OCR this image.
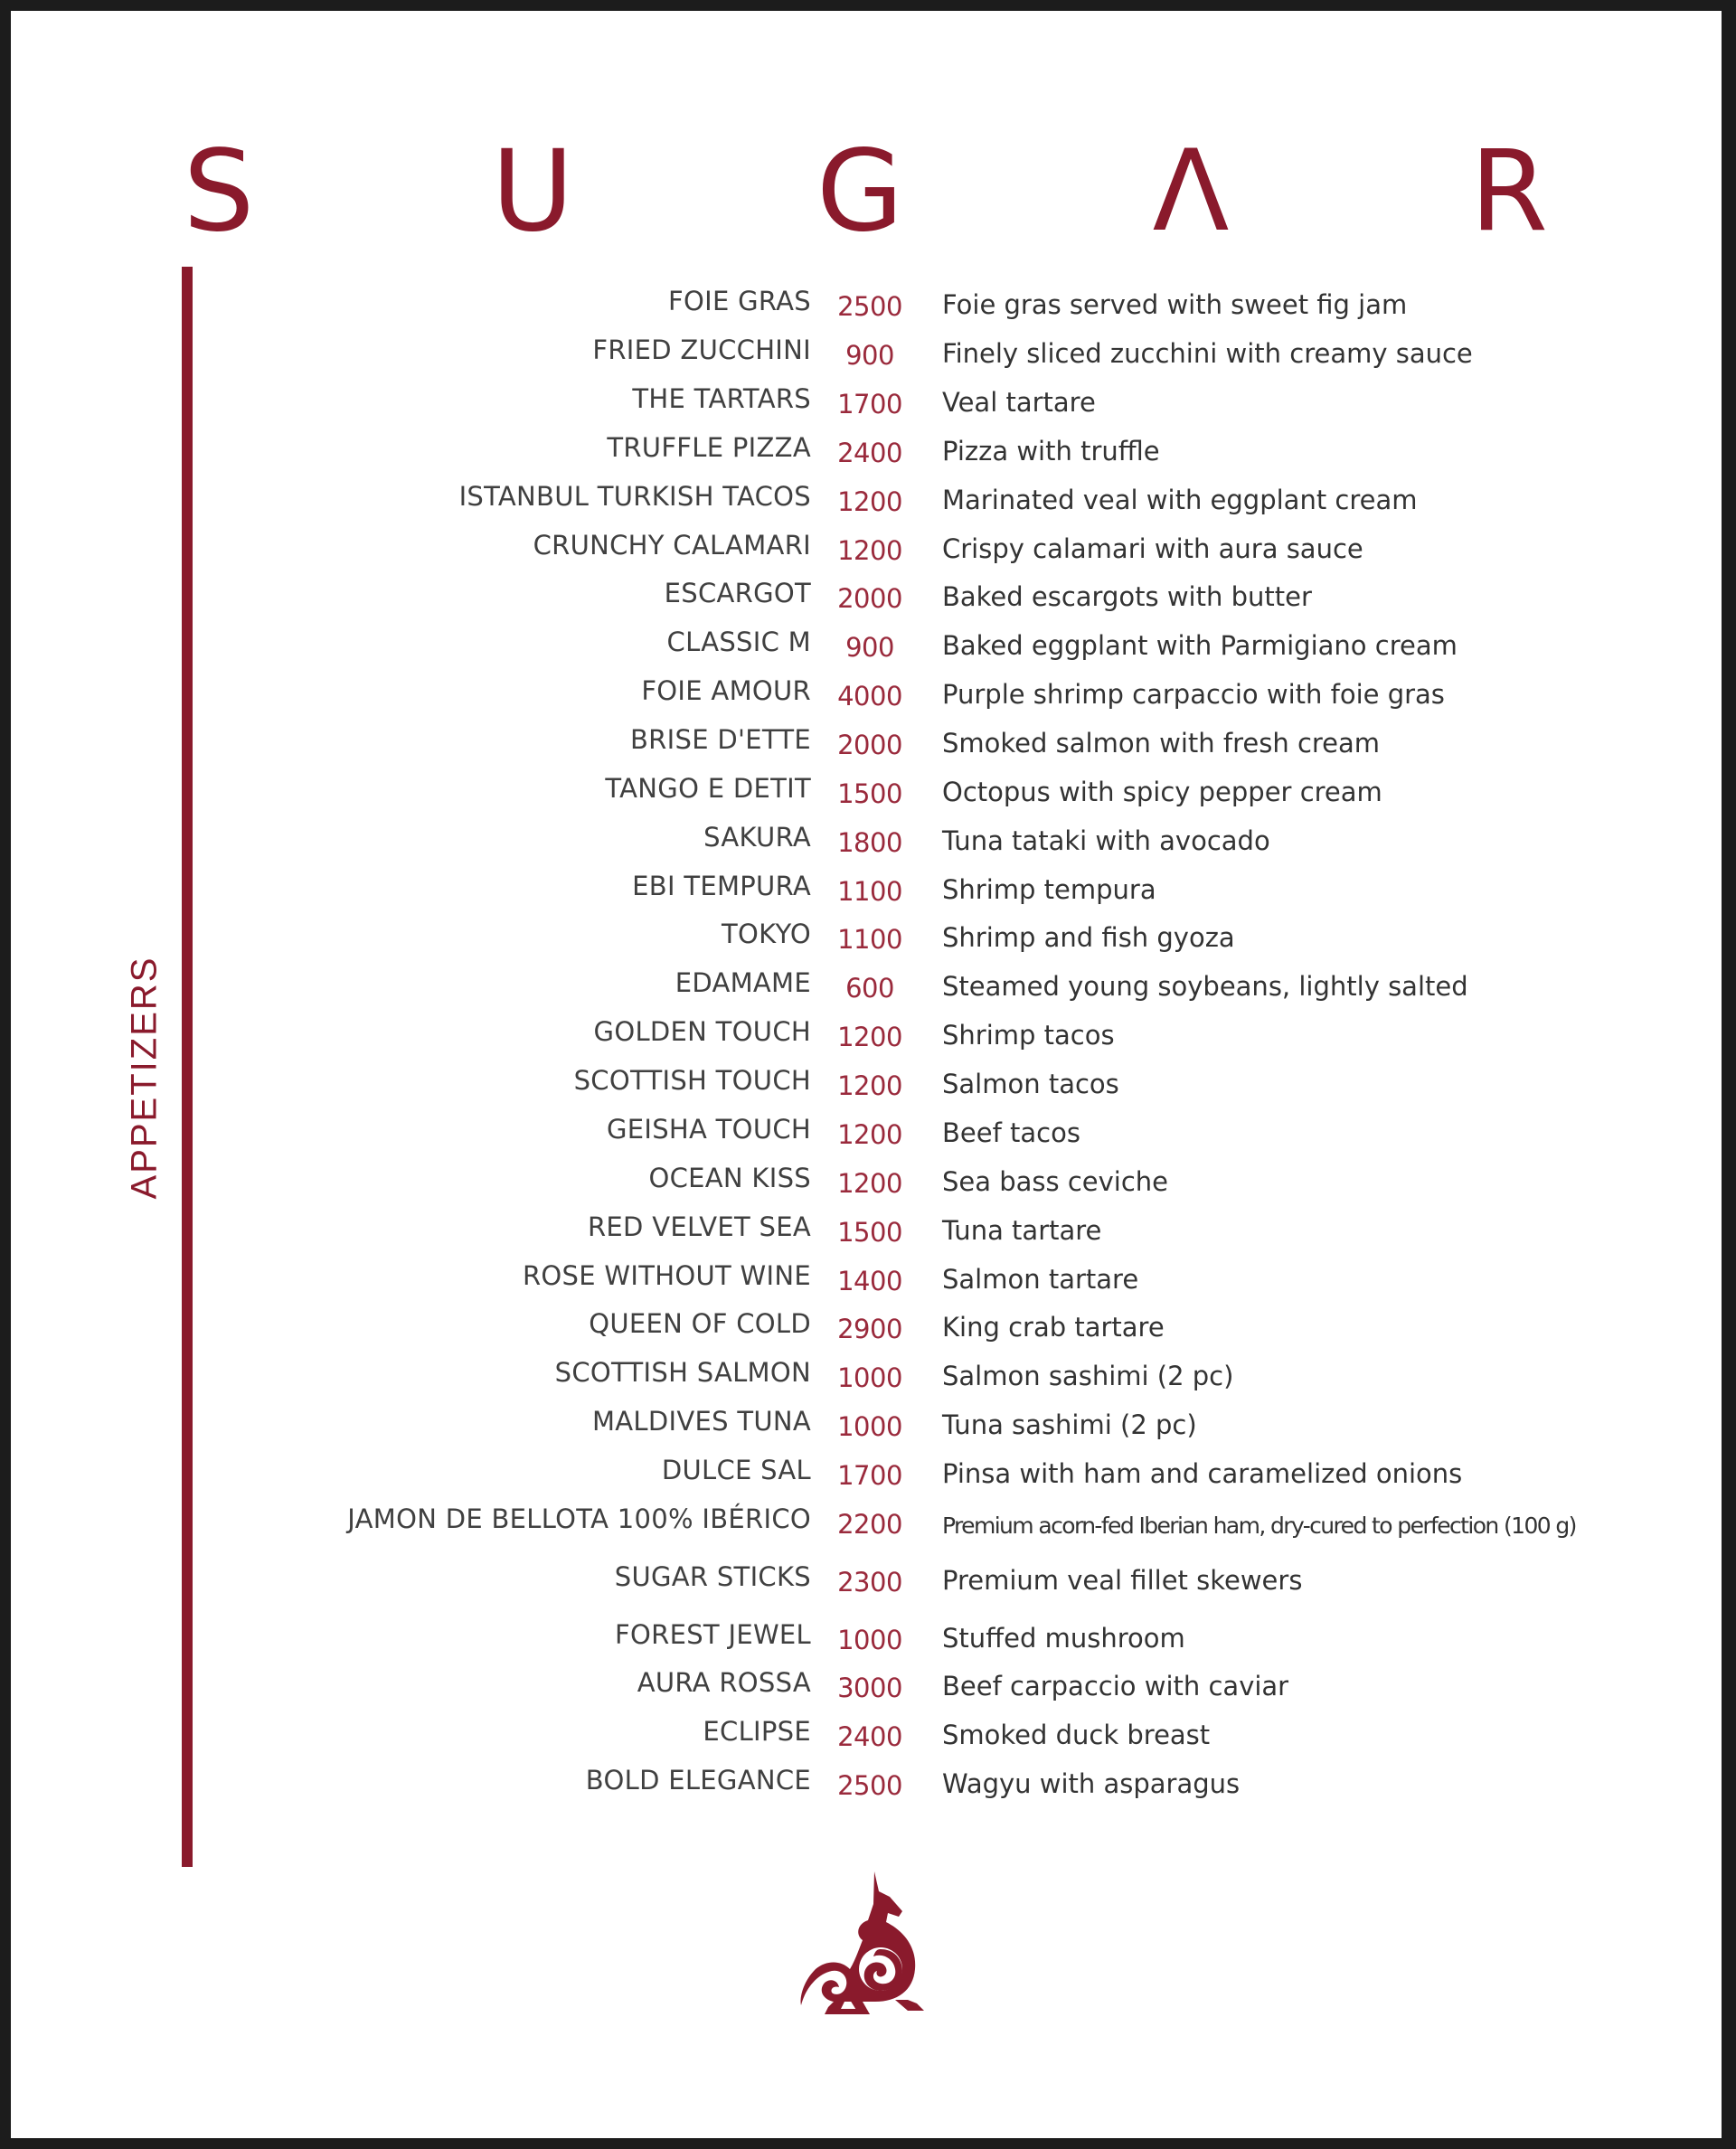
S U G Λ R
APPETIZERS
FOIE GRAS	2500	Foie gras served with sweet fig jam
FRIED ZUCCHINI	900	Finely sliced zucchini with creamy sauce
THE TARTARS	1700	Veal tartare
TRUFFLE PIZZA	2400	Pizza with truffle
ISTANBUL TURKISH TACOS	1200	Marinated veal with eggplant cream
CRUNCHY CALAMARI	1200	Crispy calamari with aura sauce
ESCARGOT	2000	Baked escargots with butter
CLASSIC M	900	Baked eggplant with Parmigiano cream
FOIE AMOUR	4000	Purple shrimp carpaccio with foie gras
BRISE D'ETTE	2000	Smoked salmon with fresh cream
TANGO E DETIT	1500	Octopus with spicy pepper cream
SAKURA	1800	Tuna tataki with avocado
EBI TEMPURA	1100	Shrimp tempura
TOKYO	1100	Shrimp and fish gyoza
EDAMAME	600	Steamed young soybeans, lightly salted
GOLDEN TOUCH	1200	Shrimp tacos
SCOTTISH TOUCH	1200	Salmon tacos
GEISHA TOUCH	1200	Beef tacos
OCEAN KISS	1200	Sea bass ceviche
RED VELVET SEA	1500	Tuna tartare
ROSE WITHOUT WINE	1400	Salmon tartare
QUEEN OF COLD	2900	King crab tartare
SCOTTISH SALMON	1000	Salmon sashimi (2 pc)
MALDIVES TUNA	1000	Tuna sashimi (2 pc)
DULCE SAL	1700	Pinsa with ham and caramelized onions
JAMON DE BELLOTA 100% IBÉRICO	2200	Premium acorn-fed Iberian ham, dry-cured to perfection (100 g)
SUGAR STICKS	2300	Premium veal fillet skewers
FOREST JEWEL	1000	Stuffed mushroom
AURA ROSSA	3000	Beef carpaccio with caviar
ECLIPSE	2400	Smoked duck breast
BOLD ELEGANCE	2500	Wagyu with asparagus
